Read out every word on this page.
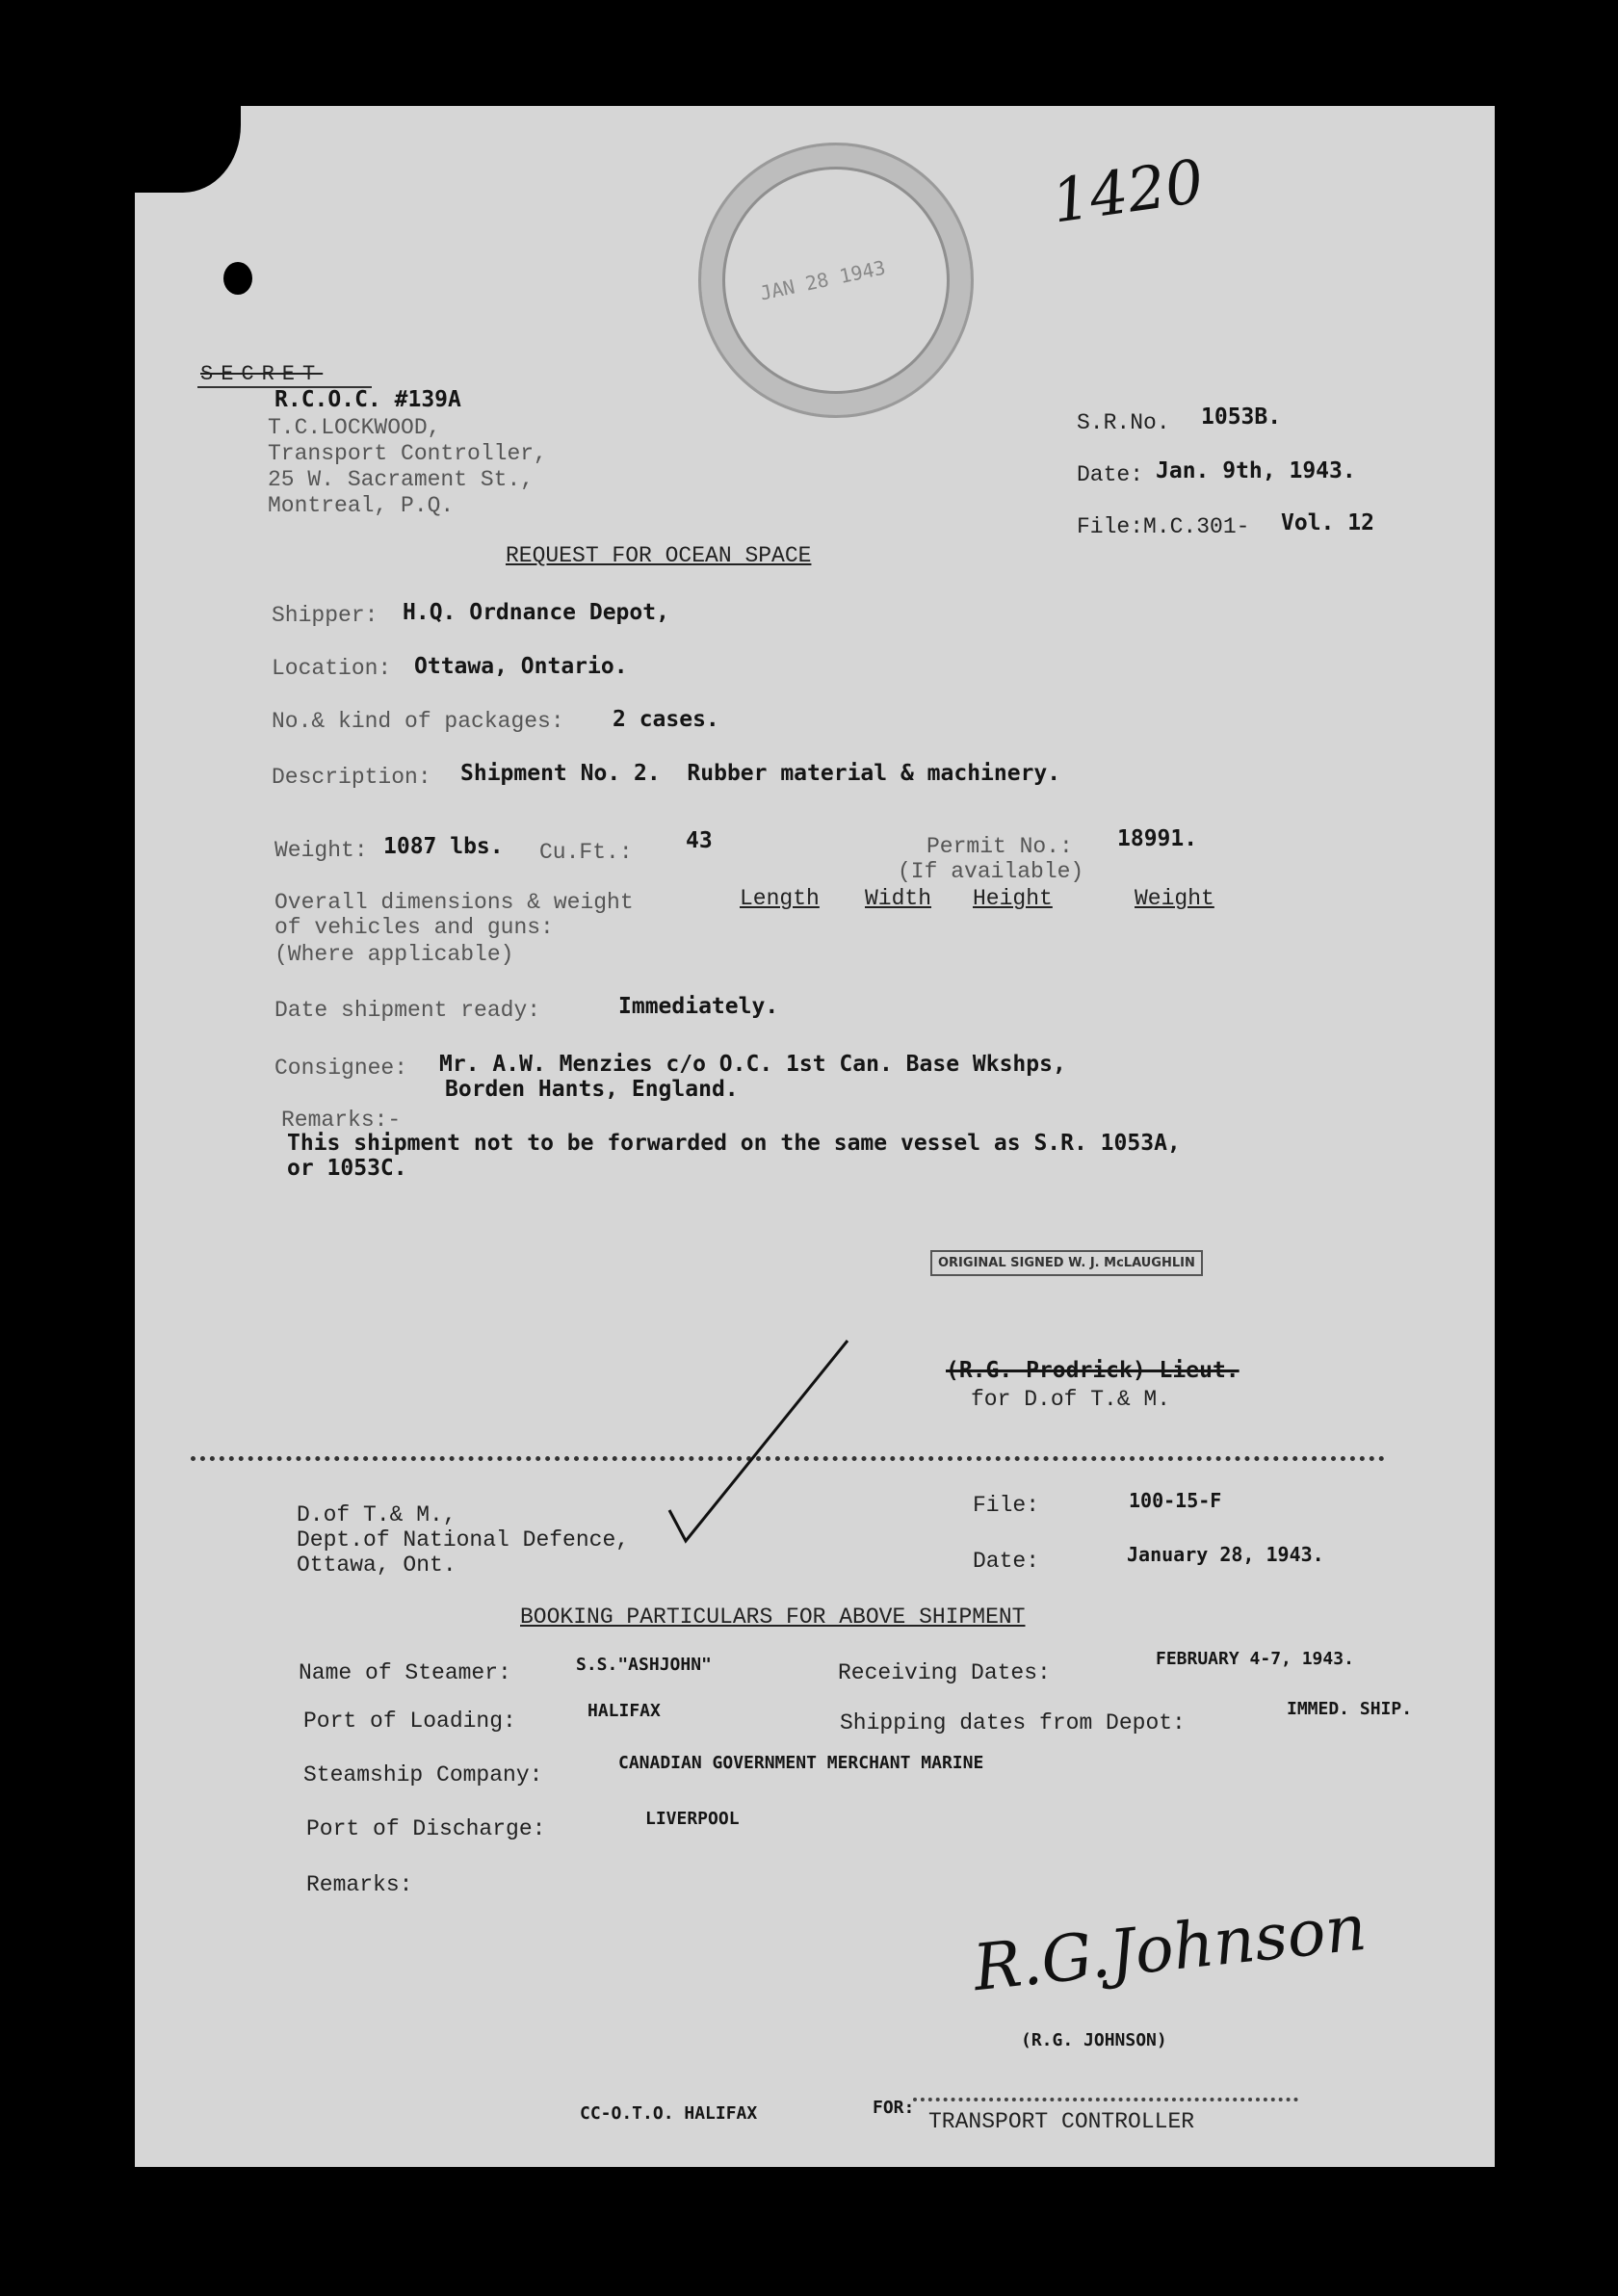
JAN 28 1943
1420
SECRET
R.C.O.C. #139A
T.C.LOCKWOOD,
Transport Controller,
25 W. Sacrament St.,
Montreal, P.Q.
S.R.No. 1053B.
Date: Jan. 9th, 1943.
File:M.C.301- Vol. 12
REQUEST FOR OCEAN SPACE
Shipper: H.Q. Ordnance Depot,
Location: Ottawa, Ontario.
No.& kind of packages: 2 cases.
Description: Shipment No. 2.  Rubber material & machinery.
Weight: 1087 lbs. Cu.Ft.: 43	Permit No.: 18991.
(If available)
Overall dimensions & weight
of vehicles and guns:
(Where applicable)
Length Width Height	Weight
Date shipment ready:	Immediately.
Consignee: Mr. A.W. Menzies c/o O.C. 1st Can. Base Wkshps,
Borden Hants, England.
Remarks:-
This shipment not to be forwarded on the same vessel as S.R. 1053A,
or 1053C.
ORIGINAL SIGNED W. J. McLAUGHLIN
(R.G. Prodrick) Lieut.
for D.of T.& M.
D.of T.& M.,
Dept.of National Defence,
Ottawa, Ont.
File:	100-15-F
Date:	January 28, 1943.
BOOKING PARTICULARS FOR ABOVE SHIPMENT
Name of Steamer:	S.S."ASHJOHN"	Receiving Dates:
FEBRUARY 4-7, 1943.
Port of Loading:	HALIFAX	Shipping dates from Depot:
IMMED. SHIP.
Steamship Company:	CANADIAN GOVERNMENT MERCHANT MARINE
Port of Discharge:	LIVERPOOL
Remarks:
R.G.Johnson
(R.G. JOHNSON)
CC-O.T.O. HALIFAX	FOR:
TRANSPORT CONTROLLER
